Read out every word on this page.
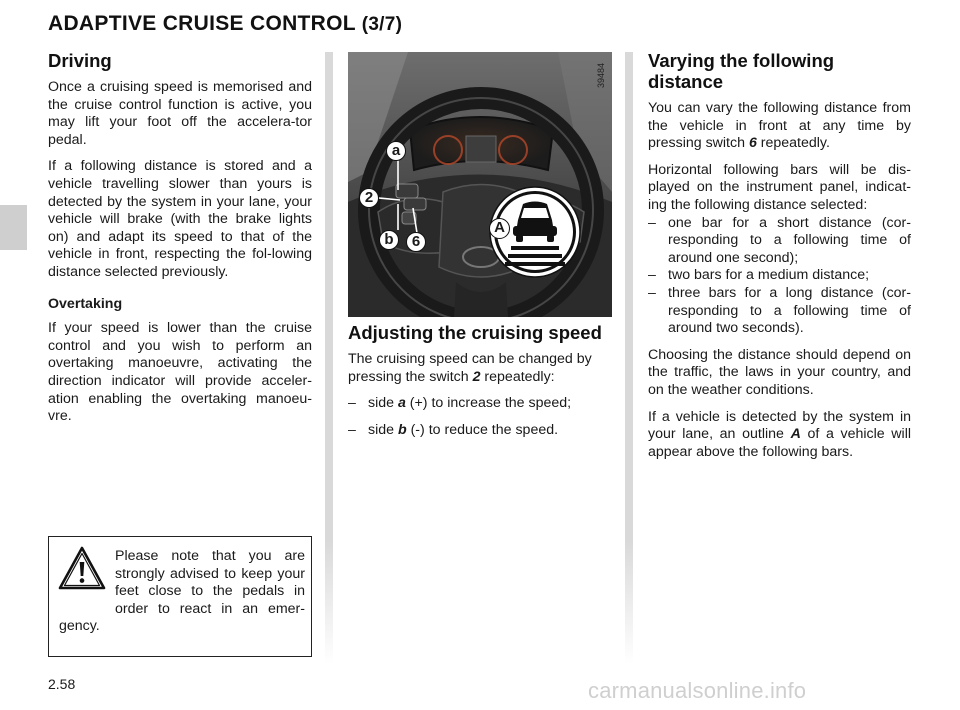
ADAPTIVE CRUISE CONTROL (3/7)
Driving

Once a cruising speed is memorised and the cruise control function is active, you may lift your foot off the accelera-tor pedal.

If a following distance is stored and a vehicle travelling slower than yours is detected by the system in your lane, your vehicle will brake (with the brake lights on) and adapt its speed to that of the vehicle in front, respecting the fol-lowing distance selected previously.

Overtaking

If your speed is lower than the cruise control and you wish to perform an overtaking manoeuvre, activating the direction indicator will provide acceler-ation enabling the overtaking manoeu-vre.

Please note that you are strongly advised to keep your feet close to the pedals in order to react in an emer-gency.

a
2
b	6
A
39484
Adjusting the cruising speed

The cruising speed can be changed by pressing the switch 2 repeatedly:

– side a (+) to increase the speed;
– side b (-) to reduce the speed.
Varying the following distance

You can vary the following distance from the vehicle in front at any time by pressing switch 6 repeatedly.

Horizontal following bars will be dis-played on the instrument panel, indicat-ing the following distance selected:

– one bar for a short distance (cor-responding to a following time of around one second);
– two bars for a medium distance;
– three bars for a long distance (cor-responding to a following time of around two seconds).

Choosing the distance should depend on the traffic, the laws in your country, and on the weather conditions.

If a vehicle is detected by the system in your lane, an outline A of a vehicle will appear above the following bars.

2.58	carmanualsonline.info
